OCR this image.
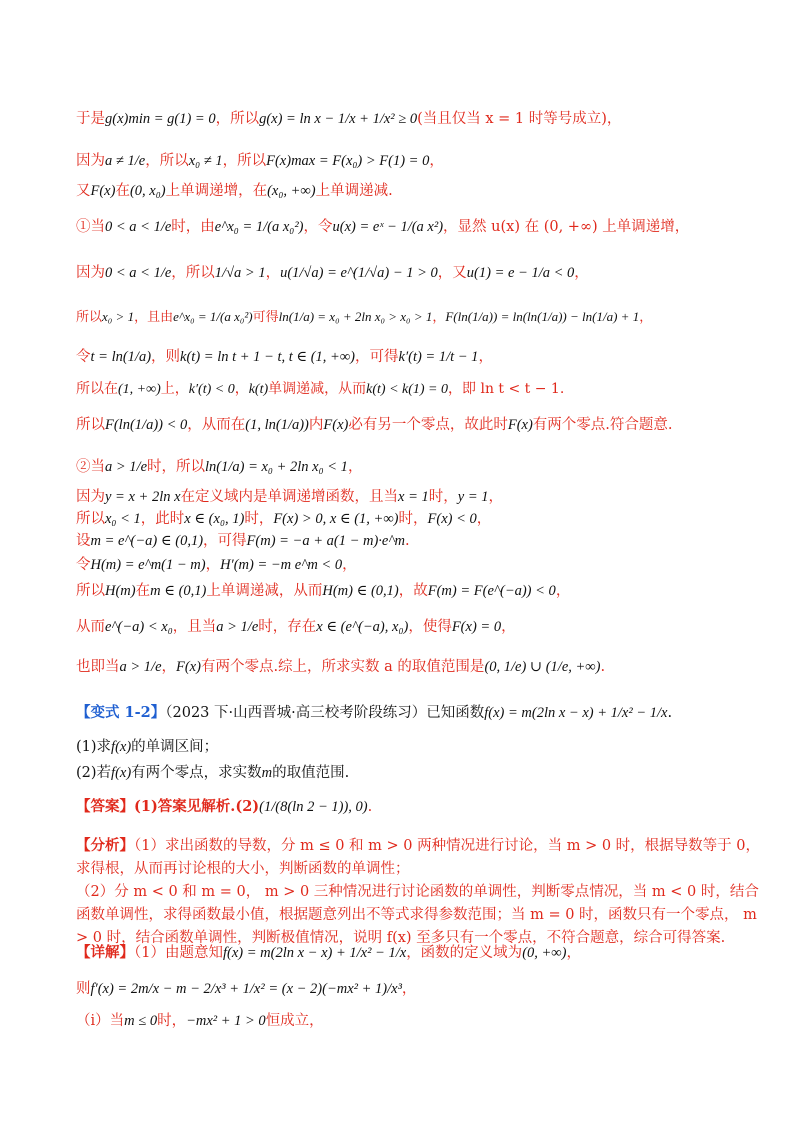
于是g(x)min = g(1) = 0，所以g(x) = ln x − 1/x + 1/x² ≥ 0(当且仅当 x = 1 时等号成立)，
因为a ≠ 1/e，所以x₀ ≠ 1，所以F(x)max = F(x₀) > F(1) = 0，
又F(x)在(0, x₀)上单调递增，在(x₀, +∞)上单调递减.
①当0 < a < 1/e时，由e^x₀ = 1/(a x₀²)，令u(x) = eˣ − 1/(a x²)，显然 u(x) 在 (0, +∞) 上单调递增，
因为0 < a < 1/e，所以1/√a > 1，u(1/√a) = e^(1/√a) − 1 > 0，又u(1) = e − 1/a < 0，
所以x₀ > 1，且由e^x₀ = 1/(a x₀²)可得ln(1/a) = x₀ + 2ln x₀ > x₀ > 1，F(ln(1/a)) = ln(ln(1/a)) − ln(1/a) + 1，
令t = ln(1/a)，则k(t) = ln t + 1 − t, t ∈ (1, +∞)，可得k′(t) = 1/t − 1，
所以在(1, +∞)上，k′(t) < 0，k(t)单调递减，从而k(t) < k(1) = 0，即 ln t < t − 1.
所以F(ln(1/a)) < 0，从而在(1, ln(1/a))内F(x)必有另一个零点，故此时F(x)有两个零点.符合题意.
②当a > 1/e时，所以ln(1/a) = x₀ + 2ln x₀ < 1，
因为y = x + 2ln x在定义域内是单调递增函数，且当x = 1时，y = 1，
所以x₀ < 1，此时x ∈ (x₀, 1)时，F(x) > 0, x ∈ (1, +∞)时，F(x) < 0，
设m = e^(−a) ∈ (0,1)，可得F(m) = −a + a(1 − m)·e^m.
令H(m) = e^m(1 − m)，H′(m) = −m e^m < 0，
所以H(m)在m ∈ (0,1)上单调递减，从而H(m) ∈ (0,1)，故F(m) = F(e^(−a)) < 0，
从而e^(−a) < x₀，且当a > 1/e时，存在x ∈ (e^(−a), x₀)，使得F(x) = 0，
也即当a > 1/e，F(x)有两个零点.综上，所求实数 a 的取值范围是(0, 1/e) ∪ (1/e, +∞).
【变式 1-2】（2023 下·山西晋城·高三校考阶段练习）已知函数f(x) = m(2ln x − x) + 1/x² − 1/x.
(1)求f(x)的单调区间；
(2)若f(x)有两个零点，求实数m的取值范围.
【答案】(1)答案见解析.(2)(1/(8(ln 2 − 1)), 0).
【分析】（1）求出函数的导数，分 m ≤ 0 和 m > 0 两种情况进行讨论，当 m > 0 时，根据导数等于 0，求得根，从而再讨论根的大小，判断函数的单调性；
（2）分 m < 0 和 m = 0， m > 0 三种情况进行讨论函数的单调性，判断零点情况，当 m < 0 时，结合函数单调性，求得函数最小值，根据题意列出不等式求得参数范围；当 m = 0 时，函数只有一个零点， m > 0 时，结合函数单调性，判断极值情况，说明 f(x) 至多只有一个零点，不符合题意，综合可得答案.
【详解】（1）由题意知f(x) = m(2ln x − x) + 1/x² − 1/x，函数的定义域为(0, +∞)，
则f′(x) = 2m/x − m − 2/x³ + 1/x² = (x − 2)(−mx² + 1)/x³，
（i）当m ≤ 0时，−mx² + 1 > 0恒成立，
